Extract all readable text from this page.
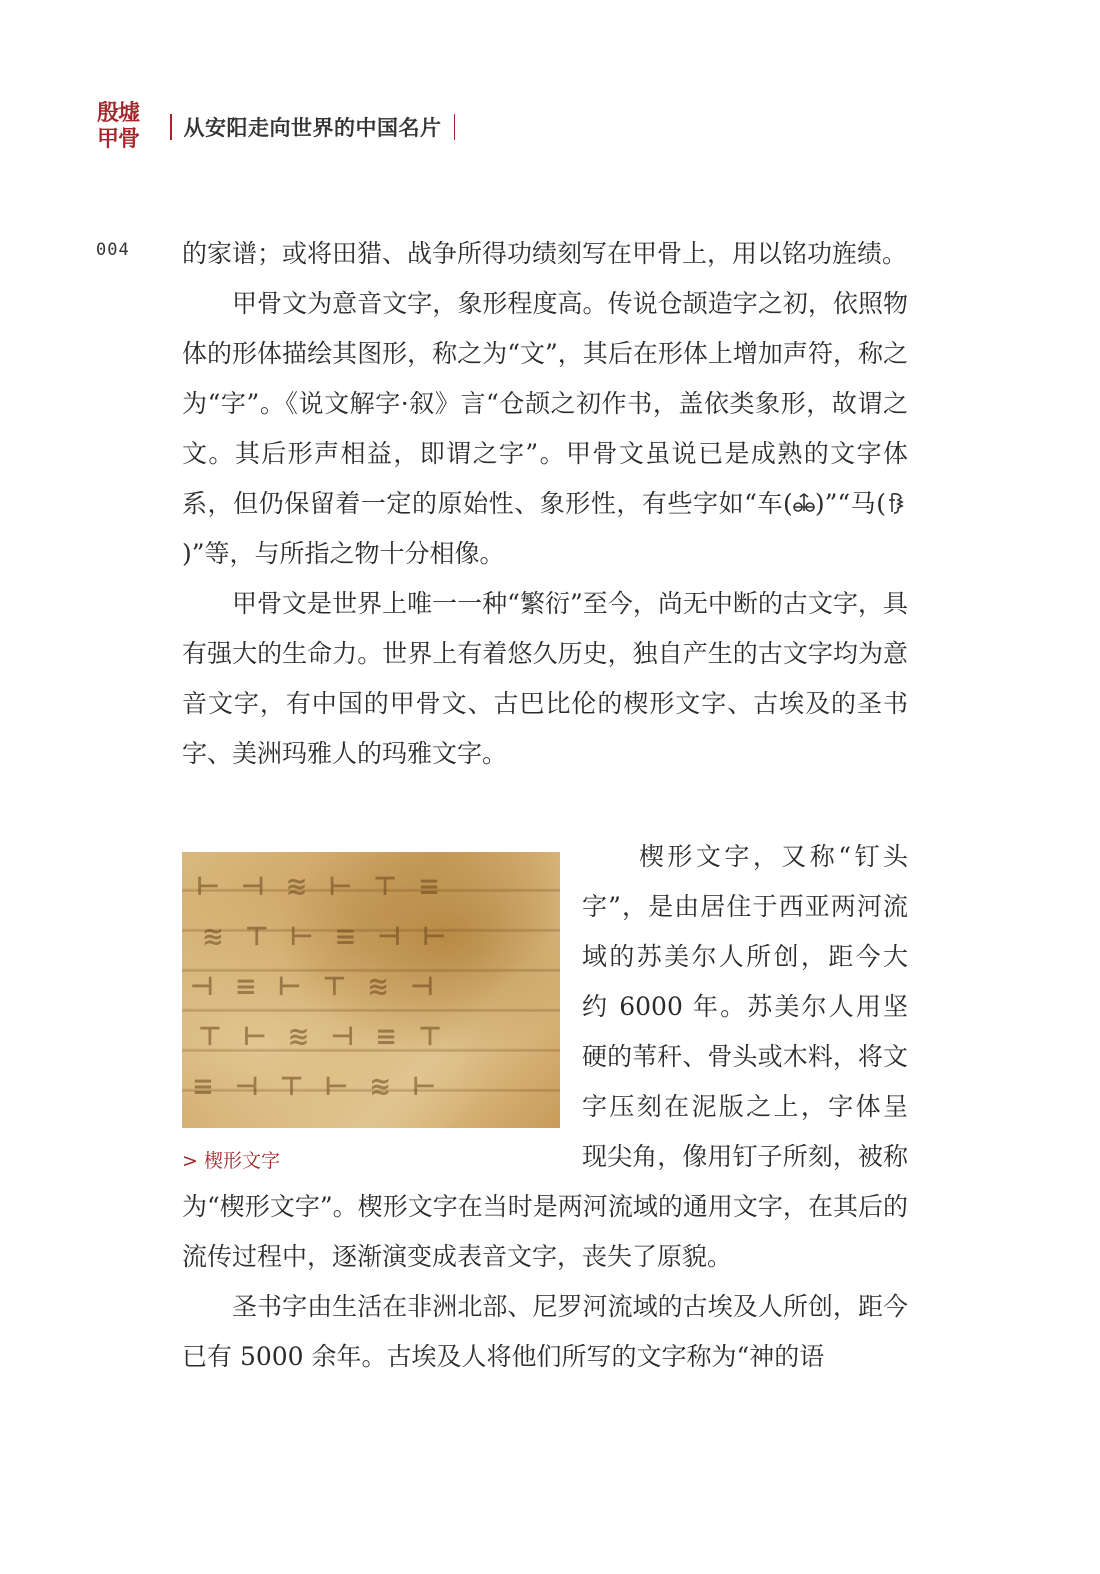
殷墟
甲骨	从安阳走向世界的中国名片
004 的家谱；或将田猎、战争所得功绩刻写在甲骨上，用以铭功旌绩。

甲骨文为意音文字，象形程度高。传说仓颉造字之初，依照物体的形体描绘其图形，称之为“文”，其后在形体上增加声符，称之为“字”。《说文解字·叙》言“仓颉之初作书，盖依类象形，故谓之文。其后形声相益，即谓之字”。甲骨文虽说已是成熟的文字体系，但仍保留着一定的原始性、象形性，有些字如“车( )”“马()”等，与所指之物十分相像。

甲骨文是世界上唯一一种“繁衍”至今，尚无中断的古文字，具有强大的生命力。世界上有着悠久历史，独自产生的古文字均为意音文字，有中国的甲骨文、古巴比伦的楔形文字、古埃及的圣书字、美洲玛雅人的玛雅文字。

⊢ ⊣ ≋ ⊢ ⊤ ≡
≋ ⊤ ⊢ ≡ ⊣ ⊢
⊣ ≡ ⊢ ⊤ ≋ ⊣
⊤ ⊢ ≋ ⊣ ≡ ⊤
≡ ⊣ ⊤ ⊢ ≋ ⊢
> 楔形文字
　　楔形文字，又称“钉头
字”，是由居住于西亚两河流
域的苏美尔人所创，距今大
约 6000 年。苏美尔人用坚
硬的苇秆、骨头或木料，将文
字压刻在泥版之上，字体呈
现尖角，像用钉子所刻，被称

为“楔形文字”。楔形文字在当时是两河流域的通用文字，在其后的流传过程中，逐渐演变成表音文字，丧失了原貌。

圣书字由生活在非洲北部、尼罗河流域的古埃及人所创，距今已有 5000 余年。古埃及人将他们所写的文字称为“神的语
